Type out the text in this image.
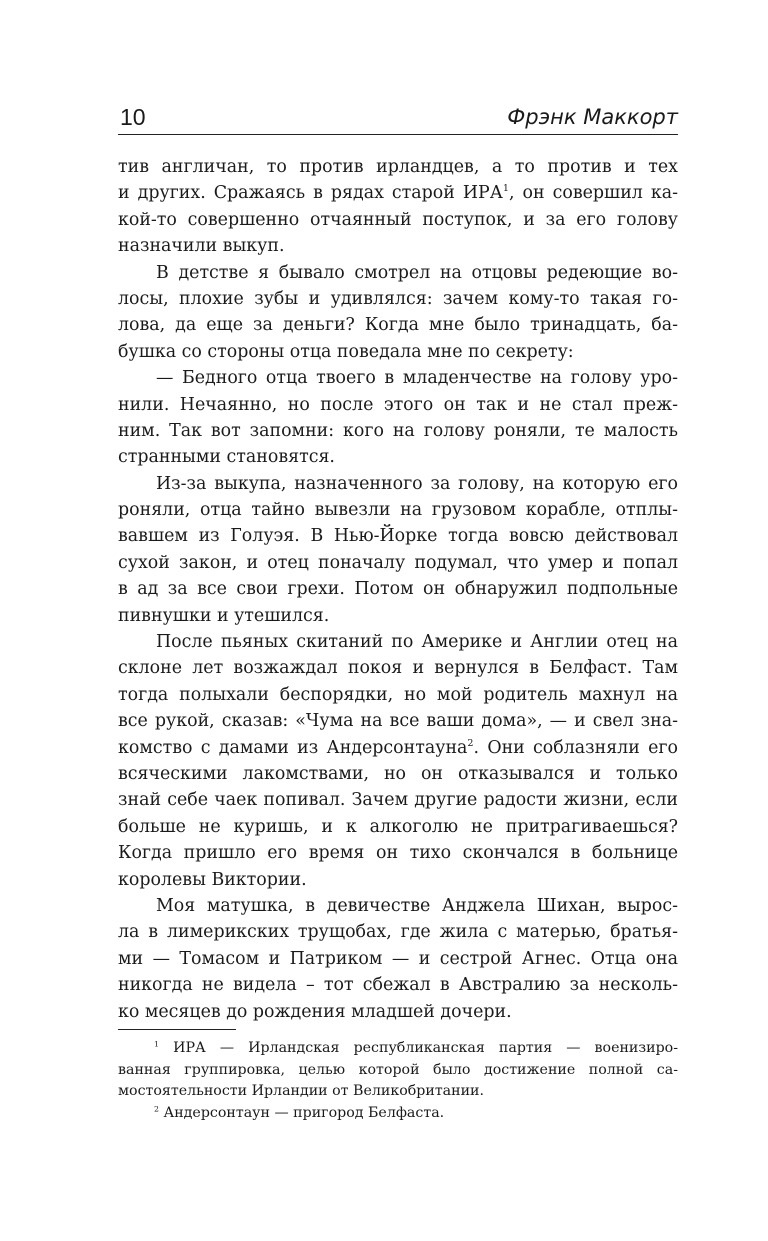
10	Фрэнк Маккорт
тив англичан, то против ирландцев, а то против и тех
и других. Сражаясь в рядах старой ИРА$^1$, он совершил ка-
кой-то совершенно отчаянный поступок, и за его голову
назначили выкуп.
В детстве я бывало смотрел на отцовы редеющие во-
лосы, плохие зубы и удивлялся: зачем кому-то такая го-
лова, да еще за деньги? Когда мне было тринадцать, ба-
бушка со стороны отца поведала мне по секрету:
— Бедного отца твоего в младенчестве на голову уро-
нили. Нечаянно, но после этого он так и не стал преж-
ним. Так вот запомни: кого на голову роняли, те малость
странными становятся.
Из-за выкупа, назначенного за голову, на которую его
роняли, отца тайно вывезли на грузовом корабле, отплы-
вавшем из Голуэя. В Нью-Йорке тогда вовсю действовал
сухой закон, и отец поначалу подумал, что умер и попал
в ад за все свои грехи. Потом он обнаружил подпольные
пивнушки и утешился.
После пьяных скитаний по Америке и Англии отец на
склоне лет возжаждал покоя и вернулся в Белфаст. Там
тогда полыхали беспорядки, но мой родитель махнул на
все рукой, сказав: «Чума на все ваши дома», — и свел зна-
комство с дамами из Андерсонтауна$^2$. Они соблазняли его
всяческими лакомствами, но он отказывался и только
знай себе чаек попивал. Зачем другие радости жизни, если
больше не куришь, и к алкоголю не притрагиваешься?
Когда пришло его время он тихо скончался в больнице
королевы Виктории.
Моя матушка, в девичестве Анджела Шихан, вырос-
ла в лимерикских трущобах, где жила с матерью, братья-
ми — Томасом и Патриком — и сестрой Агнес. Отца она
никогда не видела – тот сбежал в Австралию за несколь-
ко месяцев до рождения младшей дочери.
$^1$ ИРА — Ирландская республиканская партия — военизиро-
ванная группировка, целью которой было достижение полной са-
мостоятельности Ирландии от Великобритании.
$^2$ Андерсонтаун — пригород Белфаста.
